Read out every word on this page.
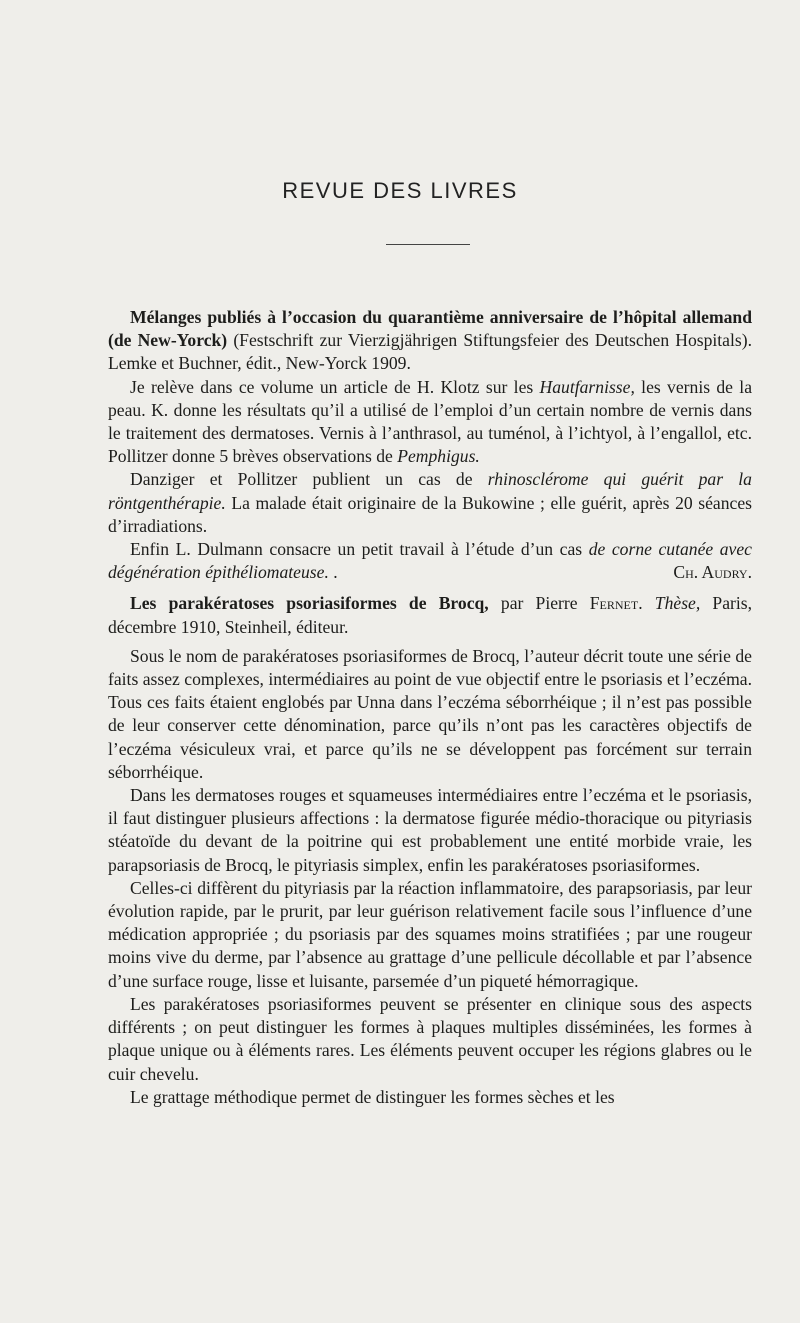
REVUE DES LIVRES

Mélanges publiés à l’occasion du quarantième anniversaire de l’hôpital allemand (de New-Yorck) (Festschrift zur Vierzigjährigen Stiftungsfeier des Deutschen Hospitals). Lemke et Buchner, édit., New-Yorck 1909.

Je relève dans ce volume un article de H. Klotz sur les Hautfarnisse, les vernis de la peau. K. donne les résultats qu’il a utilisé de l’emploi d’un certain nombre de vernis dans le traitement des dermatoses. Vernis à l’anthrasol, au tuménol, à l’ichtyol, à l’engallol, etc. Pollitzer donne 5 brèves observations de Pemphigus.

Danziger et Pollitzer publient un cas de rhinosclérome qui guérit par la röntgenthérapie. La malade était originaire de la Bukowine ; elle guérit, après 20 séances d’irradiations.

Enfin L. Dulmann consacre un petit travail à l’étude d’un cas de corne cutanée avec dégénération épithéliomateuse. .	Ch. Audry.

Les parakératoses psoriasiformes de Brocq, par Pierre Fernet. Thèse, Paris, décembre 1910, Steinheil, éditeur.

Sous le nom de parakératoses psoriasiformes de Brocq, l’auteur décrit toute une série de faits assez complexes, intermédiaires au point de vue objectif entre le psoriasis et l’eczéma. Tous ces faits étaient englobés par Unna dans l’eczéma séborrhéique ; il n’est pas possible de leur conserver cette dénomination, parce qu’ils n’ont pas les caractères objectifs de l’eczéma vésiculeux vrai, et parce qu’ils ne se développent pas forcément sur terrain séborrhéique.

Dans les dermatoses rouges et squameuses intermédiaires entre l’eczéma et le psoriasis, il faut distinguer plusieurs affections : la dermatose figurée médio-thoracique ou pityriasis stéatoïde du devant de la poitrine qui est probablement une entité morbide vraie, les parapsoriasis de Brocq, le pityriasis simplex, enfin les parakératoses psoriasiformes.

Celles-ci diffèrent du pityriasis par la réaction inflammatoire, des parapsoriasis, par leur évolution rapide, par le prurit, par leur guérison relativement facile sous l’influence d’une médication appropriée ; du psoriasis par des squames moins stratifiées ; par une rougeur moins vive du derme, par l’absence au grattage d’une pellicule décollable et par l’absence d’une surface rouge, lisse et luisante, parsemée d’un piqueté hémorragique.

Les parakératoses psoriasiformes peuvent se présenter en clinique sous des aspects différents ; on peut distinguer les formes à plaques multiples disséminées, les formes à plaque unique ou à éléments rares. Les éléments peuvent occuper les régions glabres ou le cuir chevelu.

Le grattage méthodique permet de distinguer les formes sèches et les
